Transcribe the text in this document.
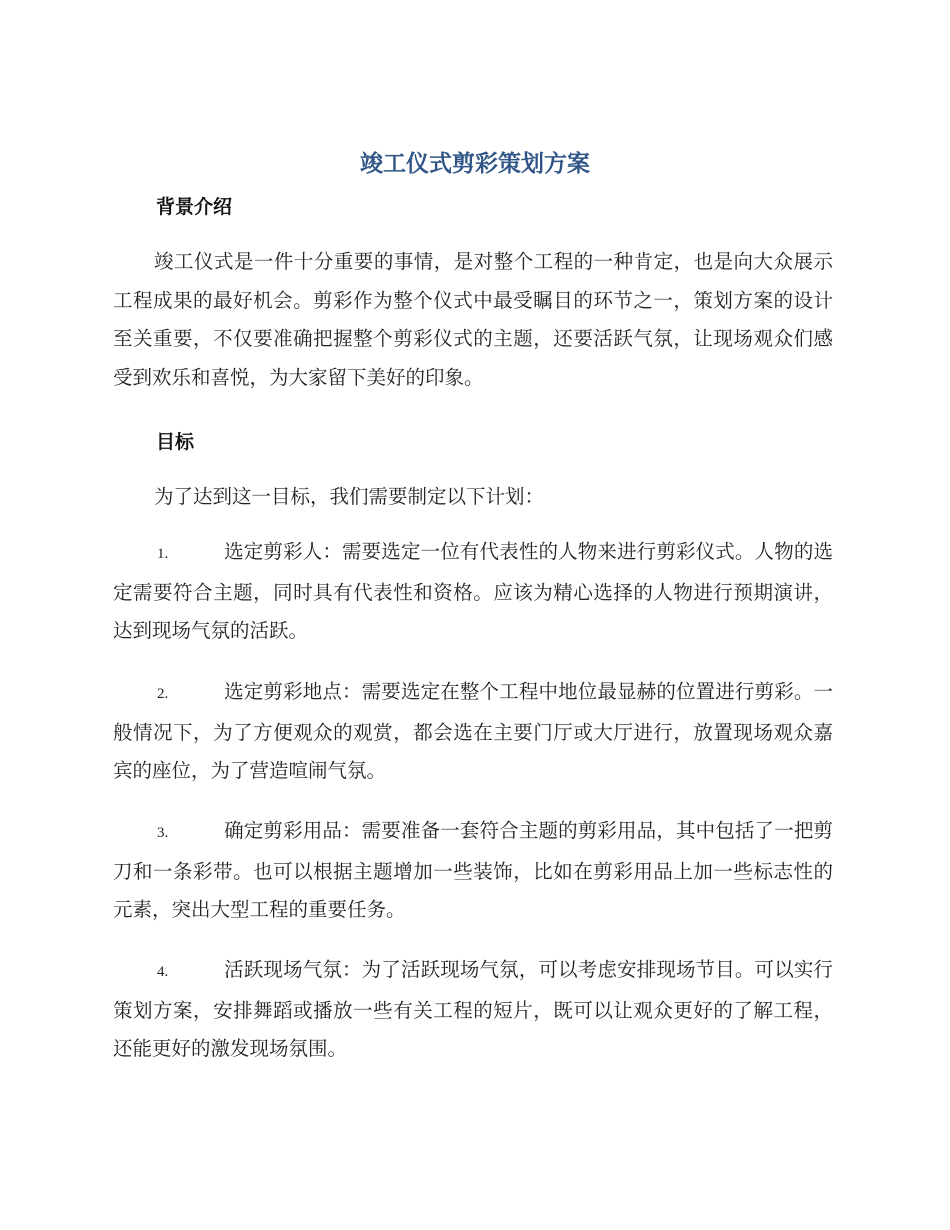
竣工仪式剪彩策划方案
背景介绍

竣工仪式是一件十分重要的事情，是对整个工程的一种肯定，也是向大众展示工程成果的最好机会。剪彩作为整个仪式中最受瞩目的环节之一，策划方案的设计至关重要，不仅要准确把握整个剪彩仪式的主题，还要活跃气氛，让现场观众们感受到欢乐和喜悦，为大家留下美好的印象。

目标

为了达到这一目标，我们需要制定以下计划：

1.	选定剪彩人：需要选定一位有代表性的人物来进行剪彩仪式。人物的选定需要符合主题，同时具有代表性和资格。应该为精心选择的人物进行预期演讲，达到现场气氛的活跃。

2.	选定剪彩地点：需要选定在整个工程中地位最显赫的位置进行剪彩。一般情况下，为了方便观众的观赏，都会选在主要门厅或大厅进行，放置现场观众嘉宾的座位，为了营造喧闹气氛。

3.	确定剪彩用品：需要准备一套符合主题的剪彩用品，其中包括了一把剪刀和一条彩带。也可以根据主题增加一些装饰，比如在剪彩用品上加一些标志性的元素，突出大型工程的重要任务。

4.	活跃现场气氛：为了活跃现场气氛，可以考虑安排现场节目。可以实行策划方案，安排舞蹈或播放一些有关工程的短片，既可以让观众更好的了解工程，还能更好的激发现场氛围。
